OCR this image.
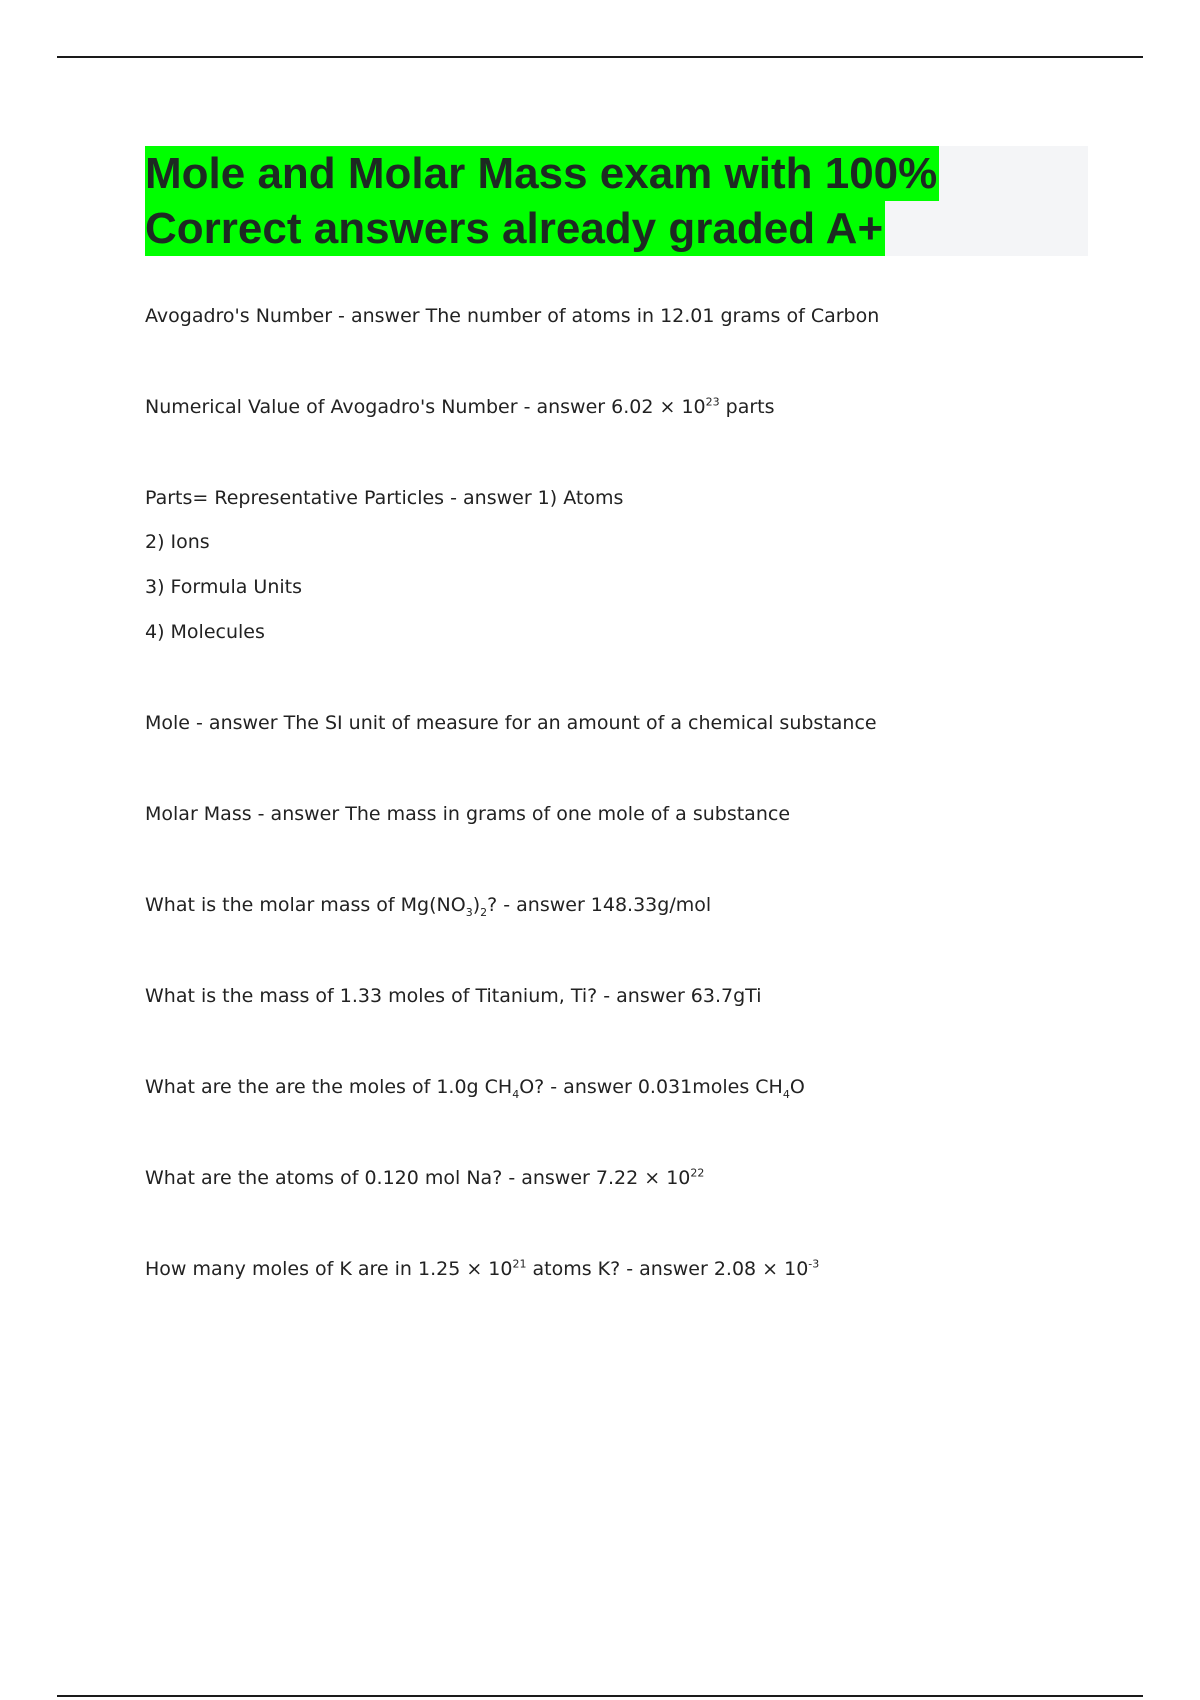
Mole and Molar Mass exam with 100%
Correct answers already graded A+
Avogadro's Number - answer The number of atoms in 12.01 grams of Carbon
Numerical Value of Avogadro's Number - answer $6.02 \times 10^{23}$ parts
Parts= Representative Particles - answer 1) Atoms
2) Ions
3) Formula Units
4) Molecules
Mole - answer The SI unit of measure for an amount of a chemical substance
Molar Mass - answer The mass in grams of one mole of a substance
What is the molar mass of $Mg(NO_3)_2$? - answer 148.33g/mol
What is the mass of 1.33 moles of Titanium, Ti? - answer 63.7gTi
What are the are the moles of 1.0g $CH_4O$? - answer 0.031moles $CH_4O$
What are the atoms of 0.120 mol Na? - answer $7.22 \times 10^{22}$
How many moles of K are in $1.25 \times 10^{21}$ atoms K? - answer $2.08 \times 10^{-3}$
